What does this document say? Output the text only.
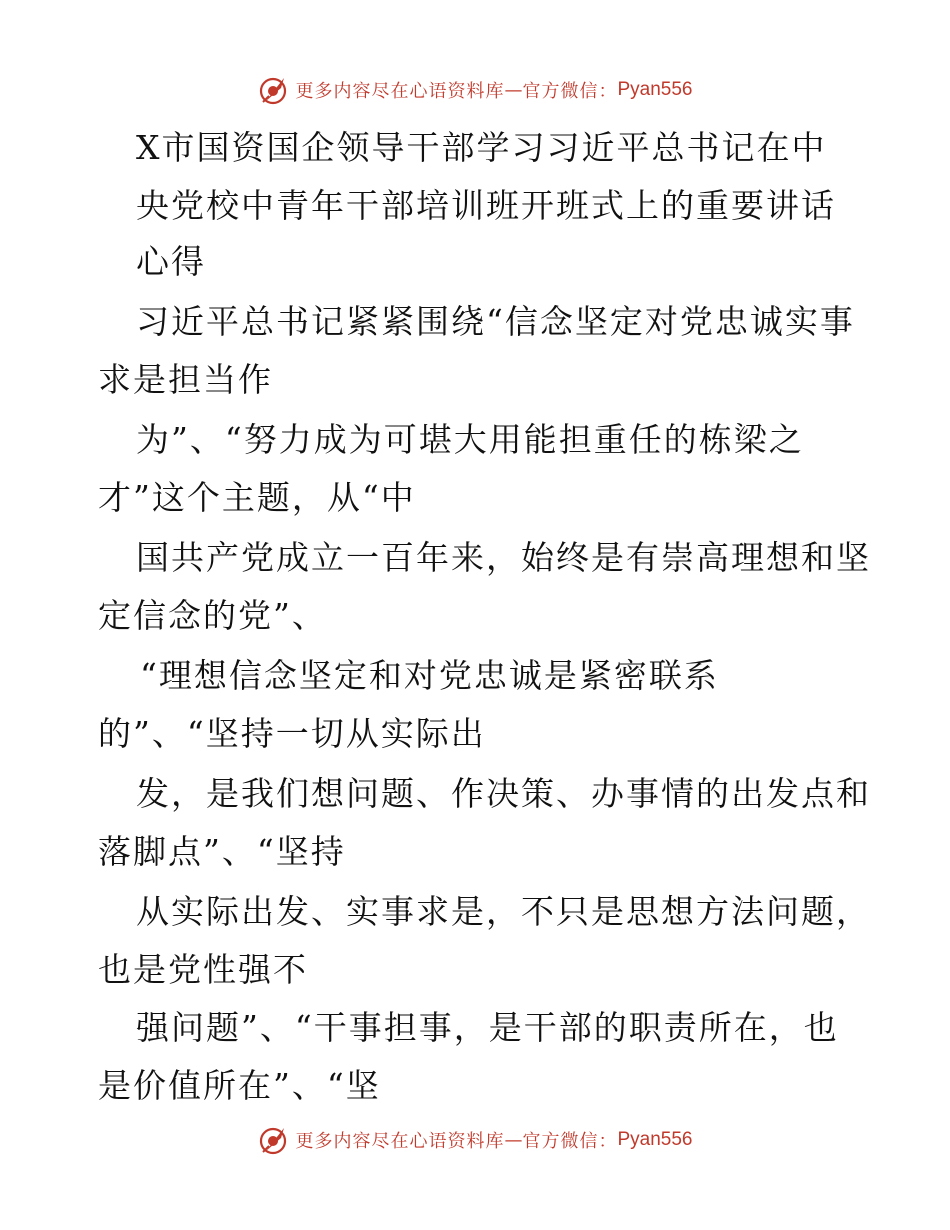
更多内容尽在心语资料库 — 官方微信： Pyan556
X市国资国企领导干部学习习近平总书记在中
央党校中青年干部培训班开班式上的重要讲话
心得
习近平总书记紧紧围绕“信念坚定对党忠诚实事
求是担当作
为”、“努力成为可堪大用能担重任的栋梁之
才”这个主题，从“中
国共产党成立一百年来，始终是有崇高理想和坚
定信念的党”、
“理想信念坚定和对党忠诚是紧密联系
的”、“坚持一切从实际出
发，是我们想问题、作决策、办事情的出发点和
落脚点”、“坚持
从实际出发、实事求是，不只是思想方法问题，
也是党性强不
强问题”、“干事担事，是干部的职责所在，也
是价值所在”、“坚
更多内容尽在心语资料库 — 官方微信： Pyan556
